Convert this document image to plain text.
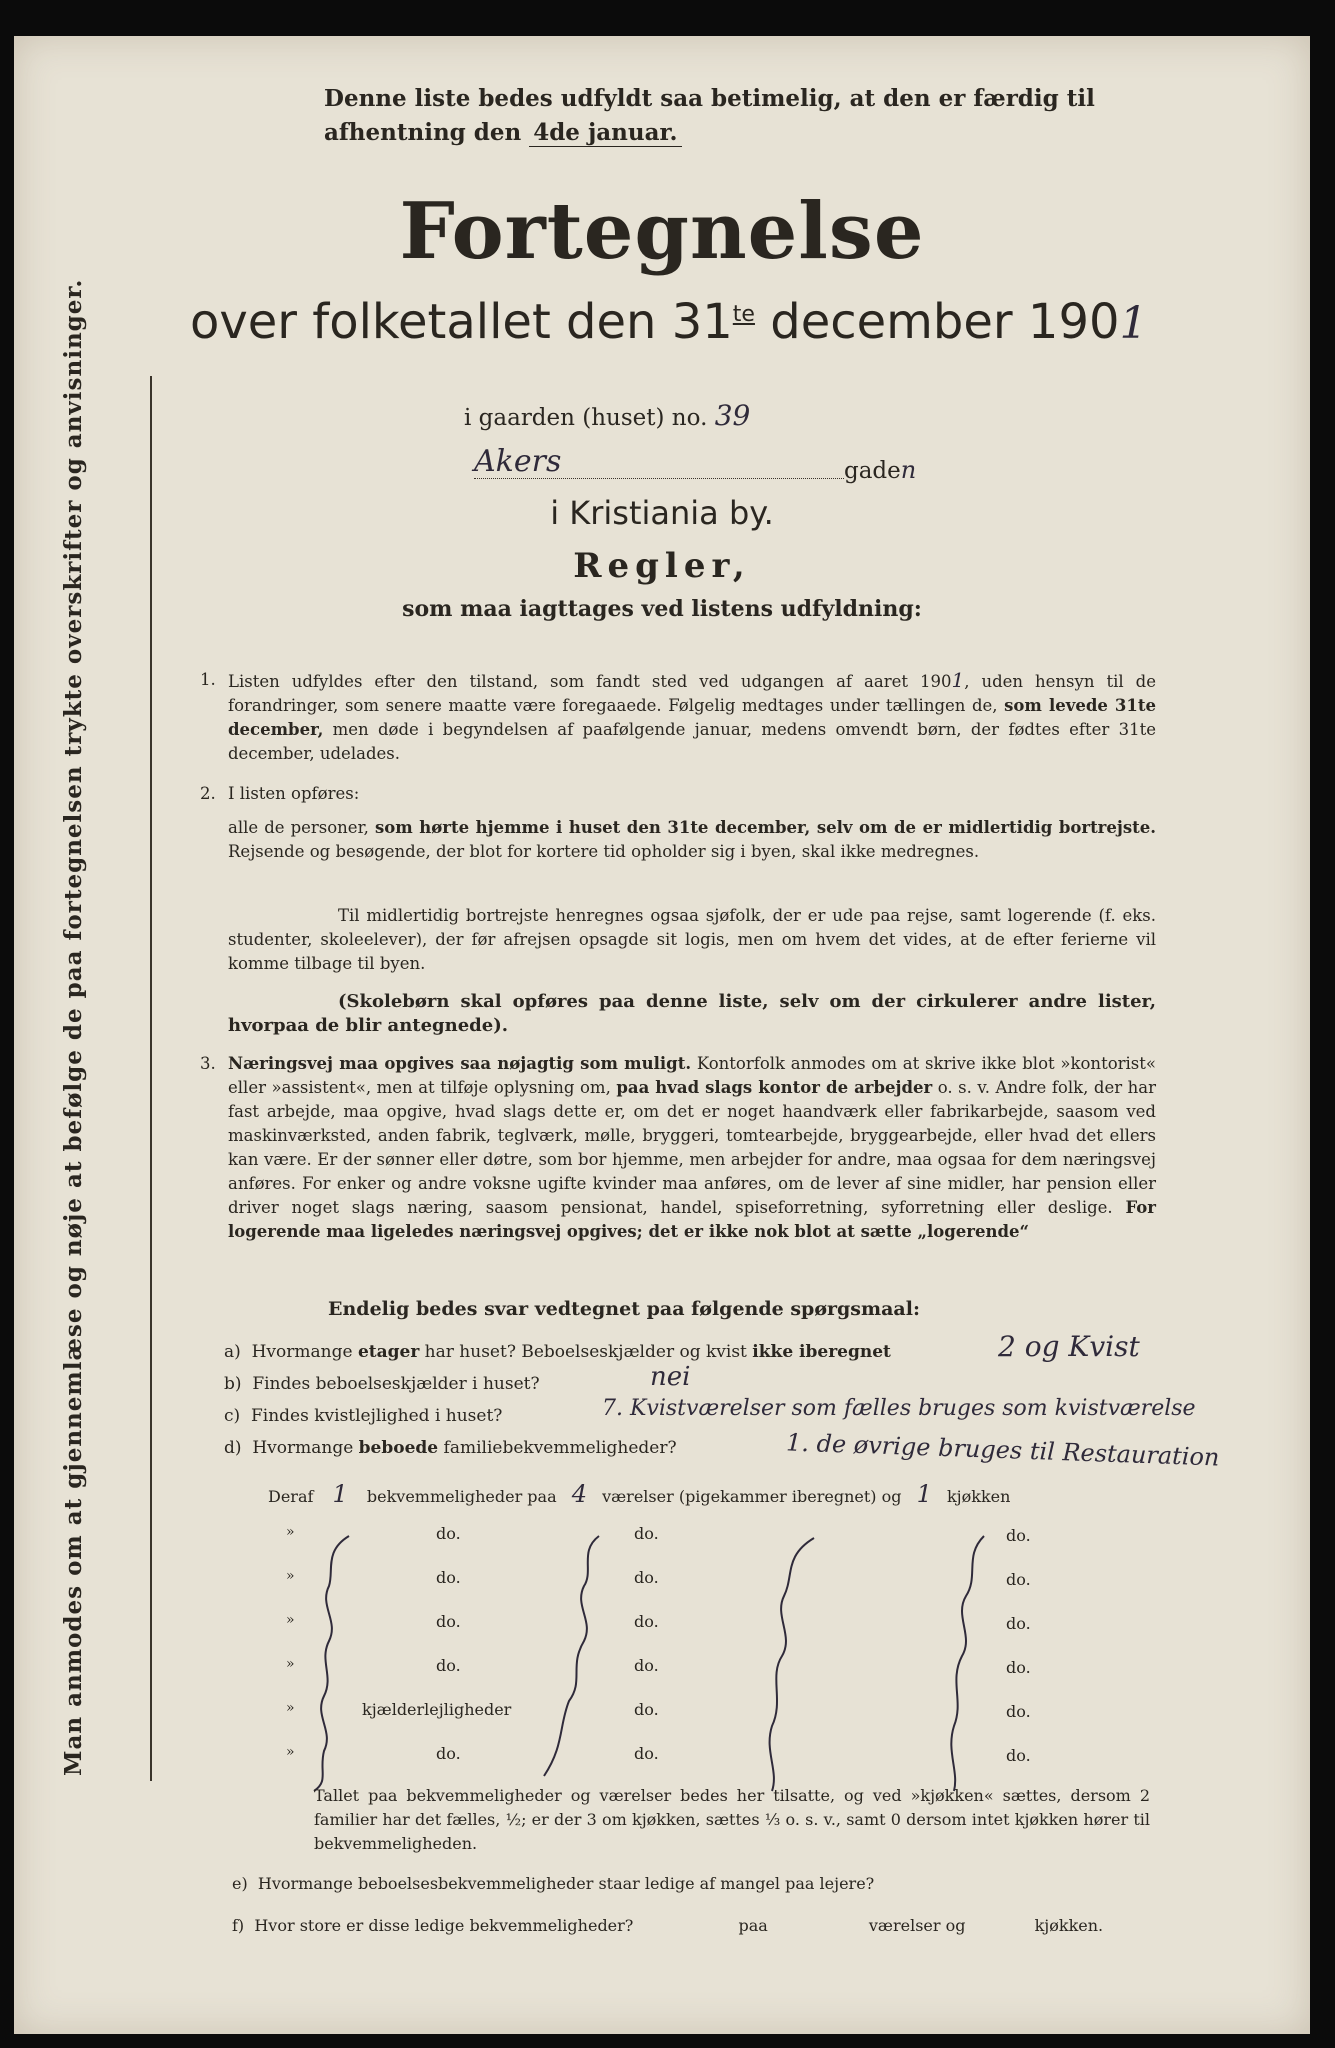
Man anmodes om at gjennemlæse og nøje at befølge de paa fortegnelsen trykte overskrifter og anvisninger.
Denne liste bedes udfyldt saa betimelig, at den er færdig til
afhentning den 4de januar.
Fortegnelse
over folketallet den $31^{te}$ december 1901
i gaarden (huset) no. 39
Akers	gaden
i Kristiania by.
Regler,
som maa iagttages ved listens udfyldning:
1. Listen udfyldes efter den tilstand, som fandt sted ved udgangen af aaret 1901, uden hensyn til de forandringer, som senere maatte være foregaaede. Følgelig medtages under tællingen de, som levede 31te december, men døde i begyndelsen af paafølgende januar, medens omvendt børn, der fødtes efter 31te december, udelades.
2. I listen opføres:
alle de personer, som hørte hjemme i huset den 31te december, selv om de er midlertidig bortrejste. Rejsende og besøgende, der blot for kortere tid opholder sig i byen, skal ikke medregnes.
Til midlertidig bortrejste henregnes ogsaa sjøfolk, der er ude paa rejse, samt logerende (f. eks. studenter, skoleelever), der før afrejsen opsagde sit logis, men om hvem det vides, at de efter ferierne vil komme tilbage til byen.
(Skolebørn skal opføres paa denne liste, selv om der cirkulerer andre lister, hvorpaa de blir antegnede).
3. Næringsvej maa opgives saa nøjagtig som muligt. Kontorfolk anmodes om at skrive ikke blot »kontorist« eller »assistent«, men at tilføje oplysning om, paa hvad slags kontor de arbejder o. s. v. Andre folk, der har fast arbejde, maa opgive, hvad slags dette er, om det er noget haandværk eller fabrikarbejde, saasom ved maskinværksted, anden fabrik, teglværk, mølle, bryggeri, tomtearbejde, bryggearbejde, eller hvad det ellers kan være. Er der sønner eller døtre, som bor hjemme, men arbejder for andre, maa ogsaa for dem næringsvej anføres. For enker og andre voksne ugifte kvinder maa anføres, om de lever af sine midler, har pension eller driver noget slags næring, saasom pensionat, handel, spiseforretning, syforretning eller deslige. For logerende maa ligeledes næringsvej opgives; det er ikke nok blot at sætte „logerende“
Endelig bedes svar vedtegnet paa følgende spørgsmaal:
a) Hvormange etager har huset? Beboelseskjælder og kvist ikke iberegnet	2 og Kvist
b) Findes beboelseskjælder i huset?	nei
c) Findes kvistlejlighed i huset?	7. Kvistværelser som fælles bruges som kvistværelse
d) Hvormange beboede familiebekvemmeligheder?	1. de øvrige bruges til Restauration
Deraf 1 bekvemmeligheder paa 4 værelser (pigekammer iberegnet) og 1 kjøkken
»	do.	do.	do.
»	do.	do.	do.
»	do.	do.	do.
»	do.	do.	do.
»	kjælderlejligheder	do.	do.
»	do.	do.	do.
Tallet paa bekvemmeligheder og værelser bedes her tilsatte, og ved »kjøkken« sættes, dersom 2 familier har det fælles, ½; er der 3 om kjøkken, sættes ⅓ o. s. v., samt 0 dersom intet kjøkken hører til bekvemmeligheden.
e) Hvormange beboelsesbekvemmeligheder staar ledige af mangel paa lejere?
f) Hvor store er disse ledige bekvemmeligheder?	paa	værelser og	kjøkken.
